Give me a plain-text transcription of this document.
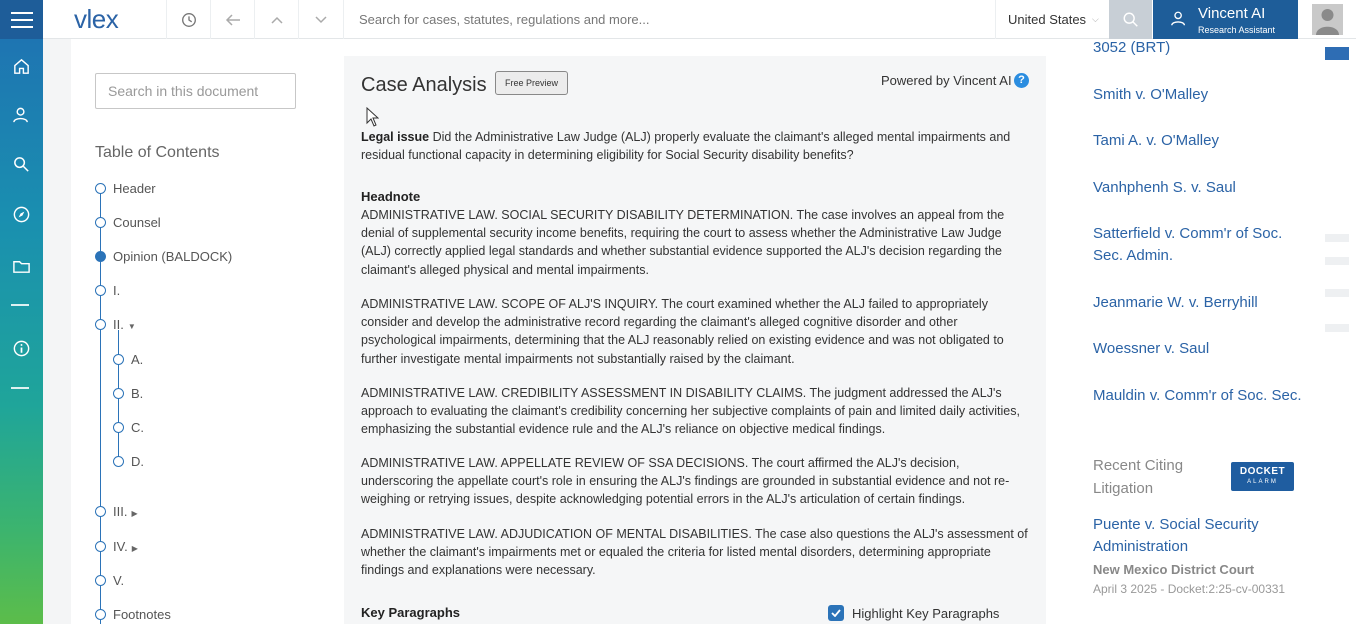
vlex
Search for cases, statutes, regulations and more...	United States ⌵	Vincent AI
Research Assistant
Search in this document
Table of Contents
Header
Counsel
Opinion (BALDOCK)
I.
II. ▼
A.
B.
C.
D.
III. ▶
IV. ▶
V.
Footnotes
Case Analysis	Free Preview	Powered by Vincent AI ?
Legal issue Did the Administrative Law Judge (ALJ) properly evaluate the claimant's alleged mental impairments and residual functional capacity in determining eligibility for Social Security disability benefits?
Headnote
ADMINISTRATIVE LAW. SOCIAL SECURITY DISABILITY DETERMINATION. The case involves an appeal from the denial of supplemental security income benefits, requiring the court to assess whether the Administrative Law Judge (ALJ) correctly applied legal standards and whether substantial evidence supported the ALJ's decision regarding the claimant's alleged physical and mental impairments.
ADMINISTRATIVE LAW. SCOPE OF ALJ'S INQUIRY. The court examined whether the ALJ failed to appropriately consider and develop the administrative record regarding the claimant's alleged cognitive disorder and other psychological impairments, determining that the ALJ reasonably relied on existing evidence and was not obligated to further investigate mental impairments not substantially raised by the claimant.
ADMINISTRATIVE LAW. CREDIBILITY ASSESSMENT IN DISABILITY CLAIMS. The judgment addressed the ALJ's approach to evaluating the claimant's credibility concerning her subjective complaints of pain and limited daily activities, emphasizing the substantial evidence rule and the ALJ's reliance on objective medical findings.
ADMINISTRATIVE LAW. APPELLATE REVIEW OF SSA DECISIONS. The court affirmed the ALJ's decision, underscoring the appellate court's role in ensuring the ALJ's findings are grounded in substantial evidence and not re-weighing or retrying issues, despite acknowledging potential errors in the ALJ's articulation of certain findings.
ADMINISTRATIVE LAW. ADJUDICATION OF MENTAL DISABILITIES. The case also questions the ALJ's assessment of whether the claimant's impairments met or equaled the criteria for listed mental disorders, determining appropriate findings and explanations were necessary.
Key Paragraphs	Highlight Key Paragraphs
3052 (BRT)
Smith v. O'Malley
Tami A. v. O'Malley
Vanhphenh S. v. Saul
Satterfield v. Comm'r of Soc. Sec. Admin.
Jeanmarie W. v. Berryhill
Woessner v. Saul
Mauldin v. Comm'r of Soc. Sec.
Recent Citing Litigation
DOCKET
ALARM
Puente v. Social Security Administration
New Mexico District Court
April 3 2025 - Docket:2:25-cv-00331
